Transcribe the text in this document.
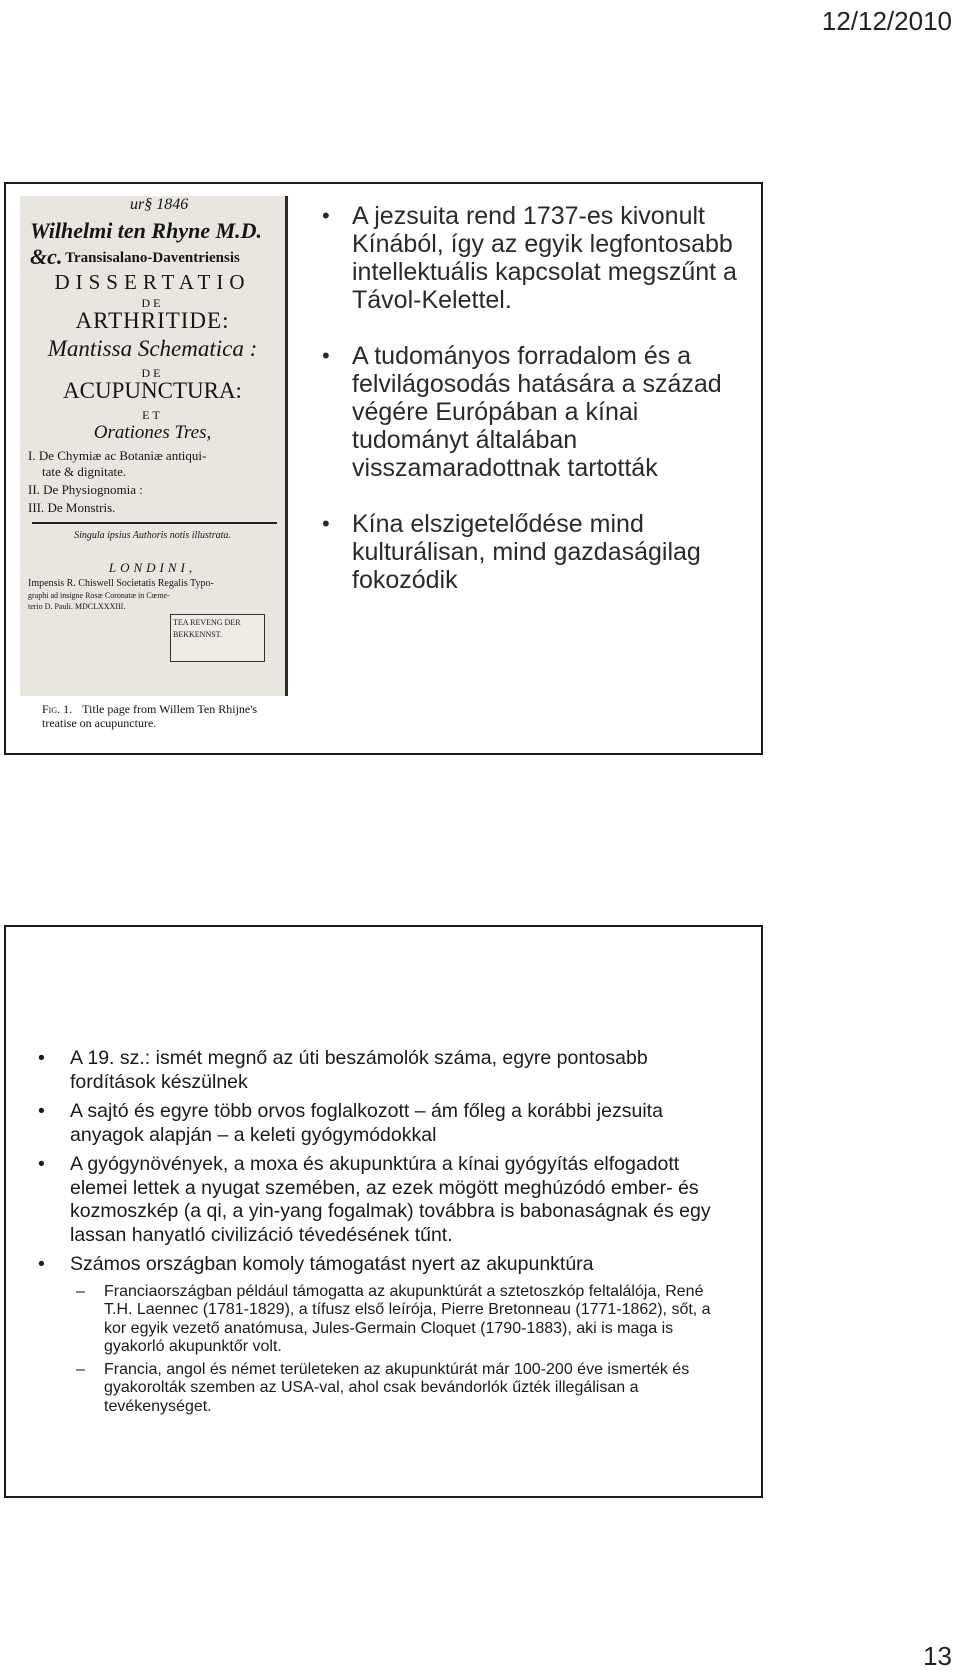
12/12/2010
ur§ 1846
Wilhelmi ten Rhyne M.D. &c. Transisalano-Daventriensis
DISSERTATIO
DE
ARTHRITIDE:
Mantissa Schematica :
DE
ACUPUNCTURA:
ET
Orationes Tres,
I. De Chymiæ ac Botaniæ antiqui-
tate & dignitate.
II. De Physiognomia :
III. De Monstris.
Singula ipsius Authoris notis illustrata.
LONDINI,
Impensis R. Chiswell Societatis Regalis Typo-
graphi ad insigne Rosæ Coronatæ in Cœme-
terio D. Pauli. MDCLXXXIII.
TEA REVENG DER BEKKENNST.
Fig. 1. Title page from Willem Ten Rhijne's treatise on acupuncture.
• A jezsuita rend 1737-es kivonult Kínából, így az egyik legfontosabb intellektuális kapcsolat megszűnt a Távol-Kelettel.
• A tudományos forradalom és a felvilágosodás hatására a század végére Európában a kínai tudományt általában visszamaradottnak tartották
• Kína elszigetelődése mind kulturálisan, mind gazdaságilag fokozódik
• A 19. sz.: ismét megnő az úti beszámolók száma, egyre pontosabb fordítások készülnek
• A sajtó és egyre több orvos foglalkozott – ám főleg a korábbi jezsuita anyagok alapján – a keleti gyógymódokkal
• A gyógynövények, a moxa és akupunktúra a kínai gyógyítás elfogadott elemei lettek a nyugat szemében, az ezek mögött meghúzódó ember- és kozmoszkép (a qi, a yin-yang fogalmak) továbbra is babonaságnak és egy lassan hanyatló civilizáció tévedésének tűnt.
• Számos országban komoly támogatást nyert az akupunktúra
– Franciaországban például támogatta az akupunktúrát a sztetoszkóp feltalálója, René T.H. Laennec (1781-1829), a tífusz első leírója, Pierre Bretonneau (1771-1862), sőt, a kor egyik vezető anatómusa, Jules-Germain Cloquet (1790-1883), aki is maga is gyakorló akupunktőr volt.
– Francia, angol és német területeken az akupunktúrát már 100-200 éve ismerték és gyakorolták szemben az USA-val, ahol csak bevándorlók űzték illegálisan a tevékenységet.
13
